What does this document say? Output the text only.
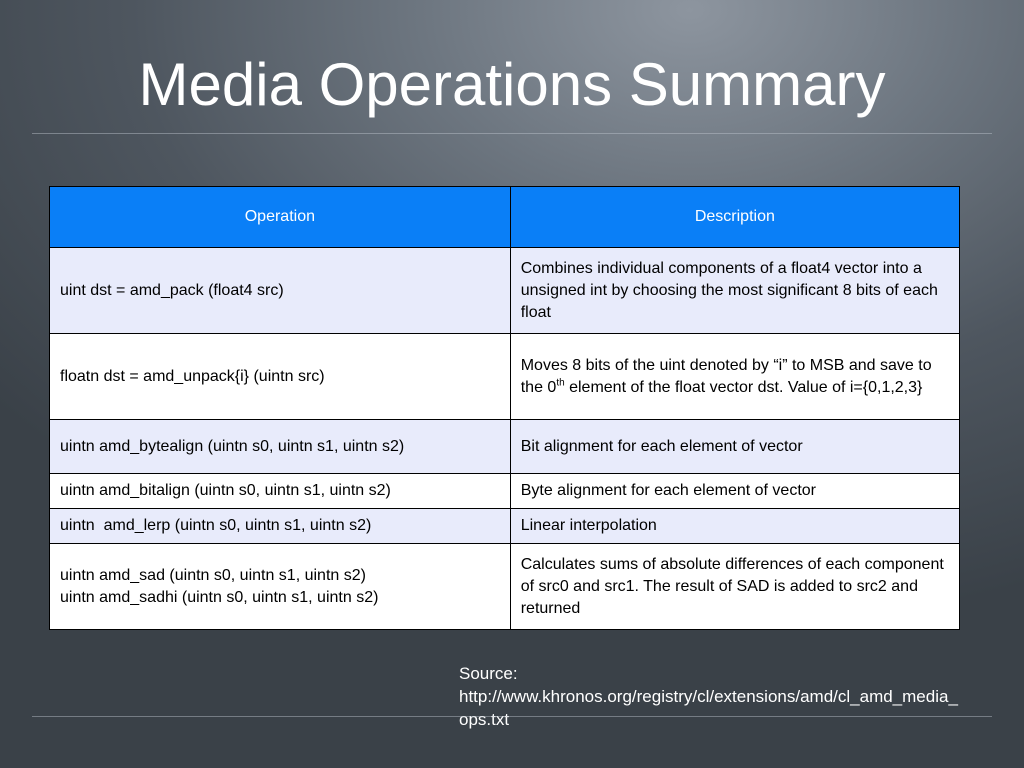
Media Operations Summary
Operation	Description
uint dst = amd_pack (float4 src)	Combines individual components of a float4 vector into a unsigned int by choosing the most significant 8 bits of each float
floatn dst = amd_unpack{i} (uintn src)	Moves 8 bits of the uint denoted by “i” to MSB and save to the 0th element of the float vector dst. Value of i={0,1,2,3}
uintn amd_bytealign (uintn s0, uintn s1, uintn s2)	Bit alignment for each element of vector
uintn amd_bitalign (uintn s0, uintn s1, uintn s2)	Byte alignment for each element of vector
uintn  amd_lerp (uintn s0, uintn s1, uintn s2)	Linear interpolation
uintn amd_sad (uintn s0, uintn s1, uintn s2)
uintn amd_sadhi (uintn s0, uintn s1, uintn s2)	Calculates sums of absolute differences of each component of src0 and src1. The result of SAD is added to src2 and returned
Source:
http://www.khronos.org/registry/cl/extensions/amd/cl_amd_media_ops.txt
